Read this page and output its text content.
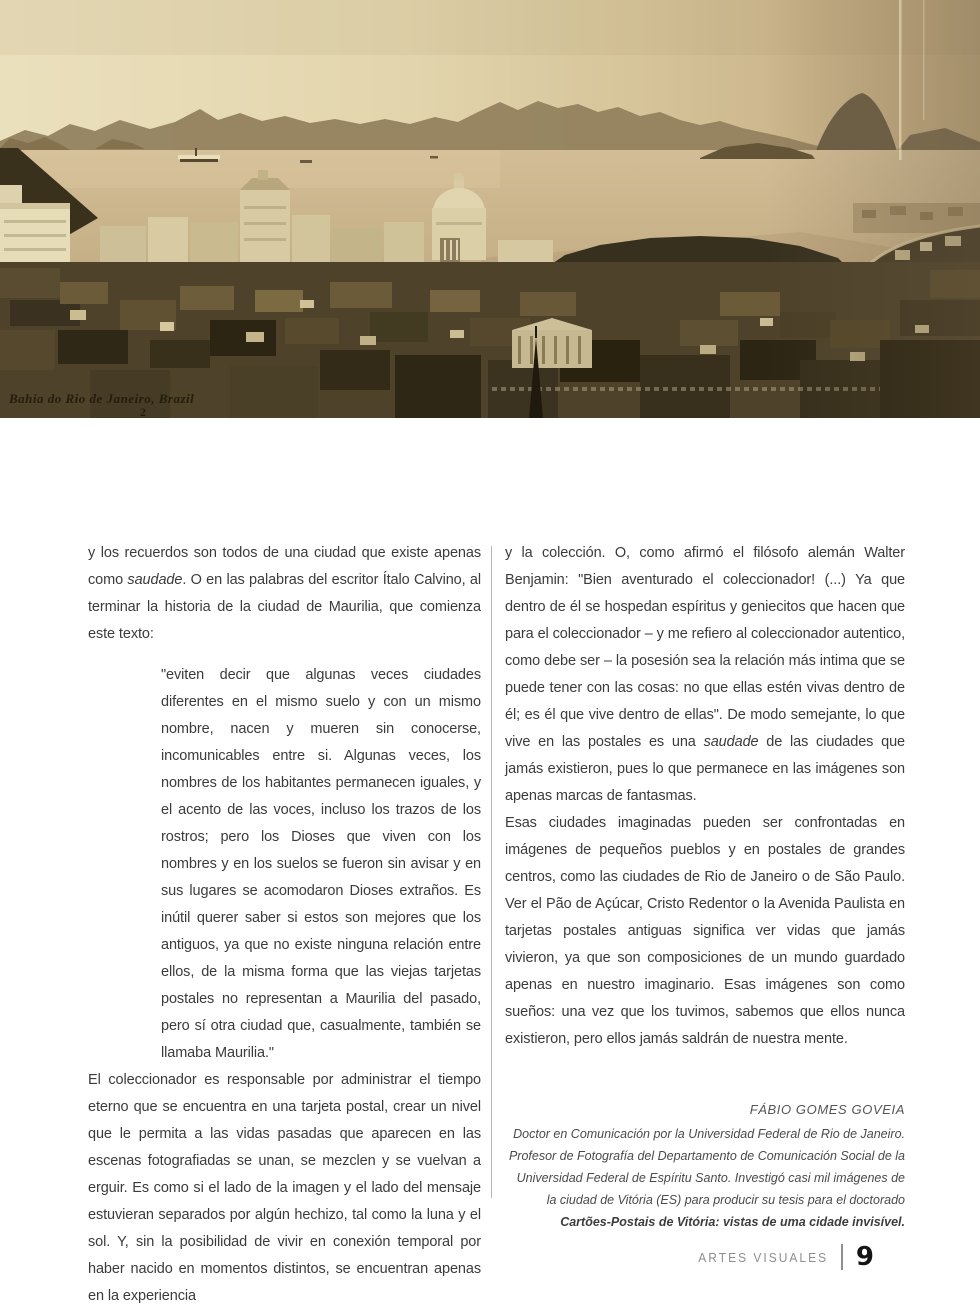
Bahia do Rio de Janeiro, Brazil
2

y los recuerdos son todos de una ciudad que existe apenas como saudade. O en las palabras del escritor Ítalo Calvino, al terminar la historia de la ciudad de Maurilia, que comienza este texto:

"eviten decir que algunas veces ciudades diferentes en el mismo suelo y con un mismo nombre, nacen y mueren sin conocerse, incomunicables entre si. Algunas veces, los nombres de los habitantes permanecen iguales, y el acento de las voces, incluso los trazos de los rostros; pero los Dioses que viven con los nombres y en los suelos se fueron sin avisar y en sus lugares se acomodaron Dioses extraños. Es inútil querer saber si estos son mejores que los antiguos, ya que no existe ninguna relación entre ellos, de la misma forma que las viejas tarjetas postales no representan a Maurilia del pasado, pero sí otra ciudad que, casualmente, también se llamaba Maurilia."

El coleccionador es responsable por administrar el tiempo eterno que se encuentra en una tarjeta postal, crear un nivel que le permita a las vidas pasadas que aparecen en las escenas fotografiadas se unan, se mezclen y se vuelvan a erguir. Es como si el lado de la imagen y el lado del mensaje estuvieran separados por algún hechizo, tal como la luna y el sol. Y, sin la posibilidad de vivir en conexión temporal por haber nacido en momentos distintos, se encuentran apenas en la experiencia

y la colección. O, como afirmó el filósofo alemán Walter Benjamin: "Bien aventurado el coleccionador! (...) Ya que dentro de él se hospedan espíritus y geniecitos que hacen que para el coleccionador – y me refiero al coleccionador autentico, como debe ser – la posesión sea la relación más intima que se puede tener con las cosas: no que ellas estén vivas dentro de él; es él que vive dentro de ellas". De modo semejante, lo que vive en las postales es una saudade de las ciudades que jamás existieron, pues lo que permanece en las imágenes son apenas marcas de fantasmas.

Esas ciudades imaginadas pueden ser confrontadas en imágenes de pequeños pueblos y en postales de grandes centros, como las ciudades de Rio de Janeiro o de São Paulo. Ver el Pão de Açúcar, Cristo Redentor o la Avenida Paulista en tarjetas postales antiguas significa ver vidas que jamás vivieron, ya que son composiciones de un mundo guardado apenas en nuestro imaginario. Esas imágenes son como sueños: una vez que los tuvimos, sabemos que ellos nunca existieron, pero ellos jamás saldrán de nuestra mente.

FÁBIO GOMES GOVEIA
Doctor en Comunicación por la Universidad Federal de Rio de Janeiro. Profesor de Fotografía del Departamento de Comunicación Social de la Universidad Federal de Espíritu Santo. Investigó casi mil imágenes de la ciudad de Vitória (ES) para producir su tesis para el doctorado Cartões-Postais de Vitória: vistas de uma cidade invisível.
ARTES VISUALES 9
